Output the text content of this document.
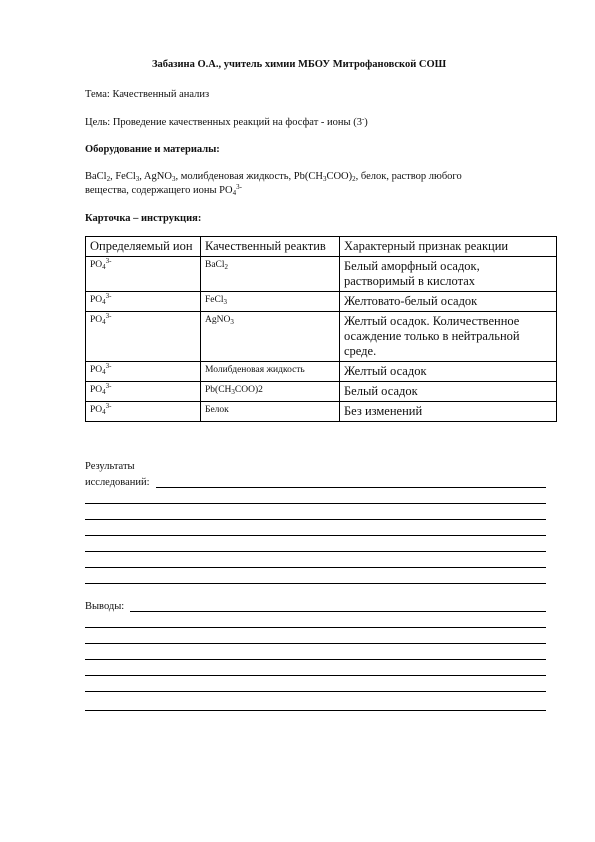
Забазина О.А., учитель химии МБОУ Митрофановской СОШ
Тема: Качественный анализ
Цель: Проведение качественных реакций на фосфат - ионы (3-)
Оборудование и материалы:
BaCl$_2$, FeCl$_3$, AgNO$_3$, молибденовая жидкость, $Pb(CH_3COO)_2$, белок, раствор любого
вещества, содержащего ионы $PO_4^{3-}$
Карточка – инструкция:
Определяемый ион	Качественный реактив	Характерный признак реакции
$PO_4^{3-}$	BaCl$_2$	Белый аморфный осадок, растворимый в кислотах
$PO_4^{3-}$	FeCl$_3$	Желтовато-белый осадок
$PO_4^{3-}$	AgNO$_3$	Желтый осадок. Количественное осаждение только в нейтральной среде.
$PO_4^{3-}$	Молибденовая жидкость	Желтый осадок
$PO_4^{3-}$	$Pb(CH_3COO)2$	Белый осадок
$PO_4^{3-}$	Белок	Без изменений
Результаты
исследований:
Выводы:
